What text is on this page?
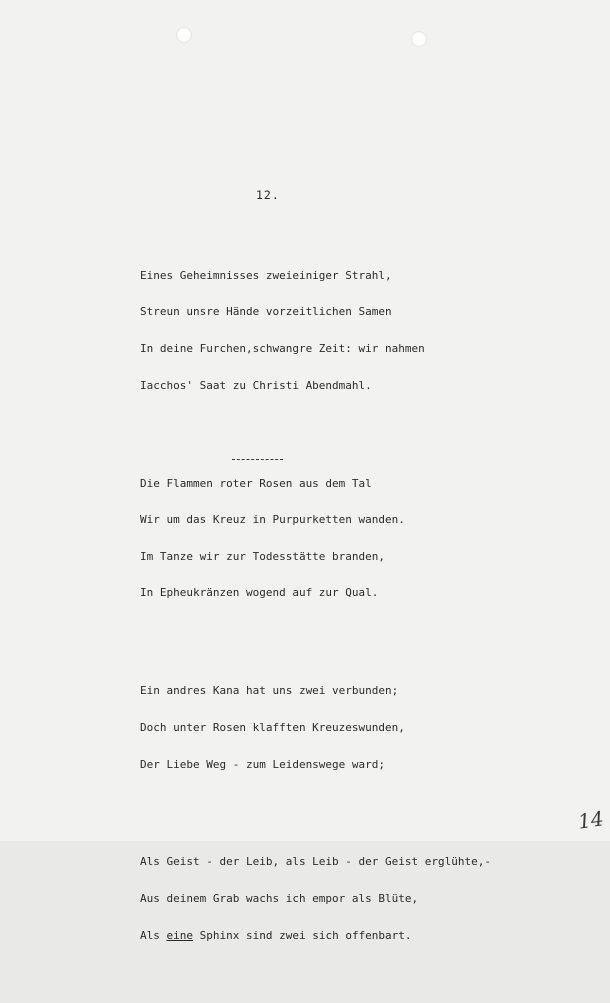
12.

Eines Geheimnisses zweieiniger Strahl,

Streun unsre Hände vorzeitlichen Samen

In deine Furchen,schwangre Zeit: wir nahmen

Iacchos' Saat zu Christi Abendmahl.

Die Flammen roter Rosen aus dem Tal

Wir um das Kreuz in Purpurketten wanden.

Im Tanze wir zur Todesstätte branden,

In Epheukränzen wogend auf zur Qual.

Ein andres Kana hat uns zwei verbunden;

Doch unter Rosen klafften Kreuzeswunden,

Der Liebe Weg - zum Leidenswege ward;

Als Geist - der Leib, als Leib - der Geist erglühte,-

Aus deinem Grab wachs ich empor als Blüte,

Als eine Sphinx sind zwei sich offenbart.

14
